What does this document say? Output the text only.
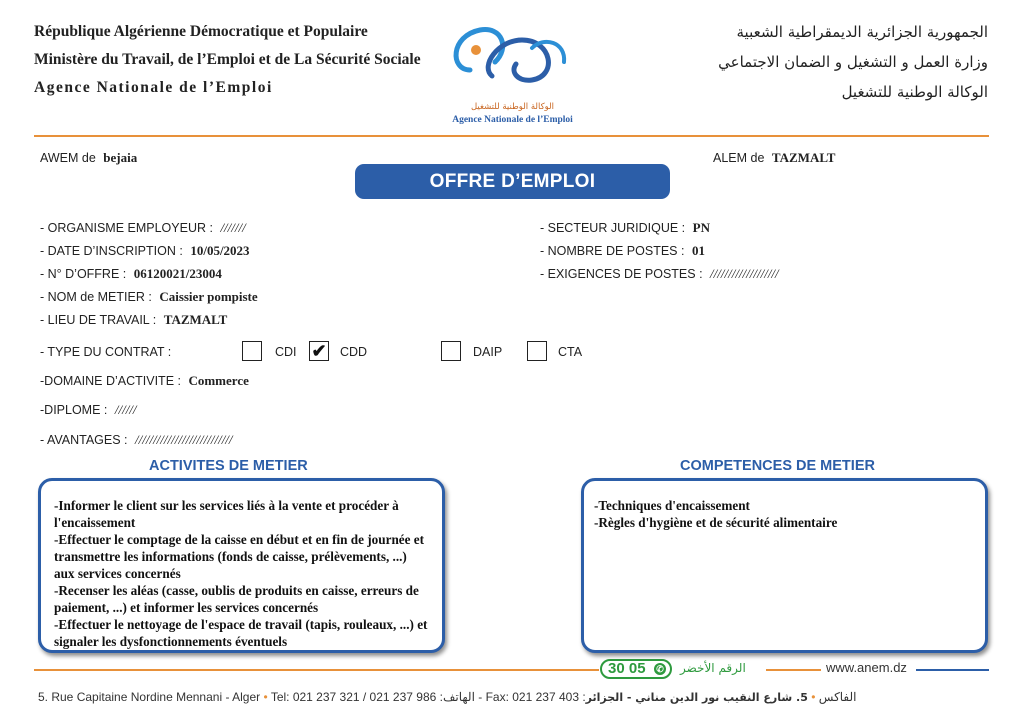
République Algérienne Démocratique et Populaire
Ministère du Travail, de l’Emploi et de La Sécurité Sociale
Agence Nationale de l’Emploi
الوكالة الوطنية للتشغيل
Agence Nationale de l’Emploi
الجمهورية الجزائرية الديمقراطية الشعبية
وزارة العمل و التشغيل و الضمان الاجتماعي
الوكالة الوطنية للتشغيل
AWEM de bejaia	ALEM de TAZMALT
OFFRE D’EMPLOI
- ORGANISME EMPLOYEUR : ///////
- DATE D’INSCRIPTION : 10/05/2023
- N° D’OFFRE : 06120021/23004
- NOM de METIER : Caissier pompiste
- LIEU DE TRAVAIL : TAZMALT
- SECTEUR JURIDIQUE : PN
- NOMBRE DE POSTES : 01
- EXIGENCES DE POSTES : ///////////////////
- TYPE DU CONTRAT :	CDI ✔ CDD	DAIP	CTA
-DOMAINE D’ACTIVITE : Commerce
-DIPLOME : //////
- AVANTAGES : ///////////////////////////
ACTIVITES DE METIER	COMPETENCES DE METIER
-Informer le client sur les services liés à la vente et procéder à l'encaissement
-Effectuer le comptage de la caisse en début et en fin de journée et transmettre les informations (fonds de caisse, prélèvements, ...) aux services concernés
-Recenser les aléas (casse, oublis de produits en caisse, erreurs de paiement, ...) et informer les services concernés
-Effectuer le nettoyage de l'espace de travail (tapis, rouleaux, ...) et signaler les dysfonctionnements éventuels
-Techniques d'encaissement
-Règles d'hygiène et de sécurité alimentaire
30 05 ✆ الرقم الأخضر	www.anem.dz
5. Rue Capitaine Nordine Mennani - Alger • Tel: 021 237 321 / 021 237 986 :الهاتف - Fax: 021 237 403 :الفاكس • 5. شارع النقيب نور الدين مناني - الجزائر
